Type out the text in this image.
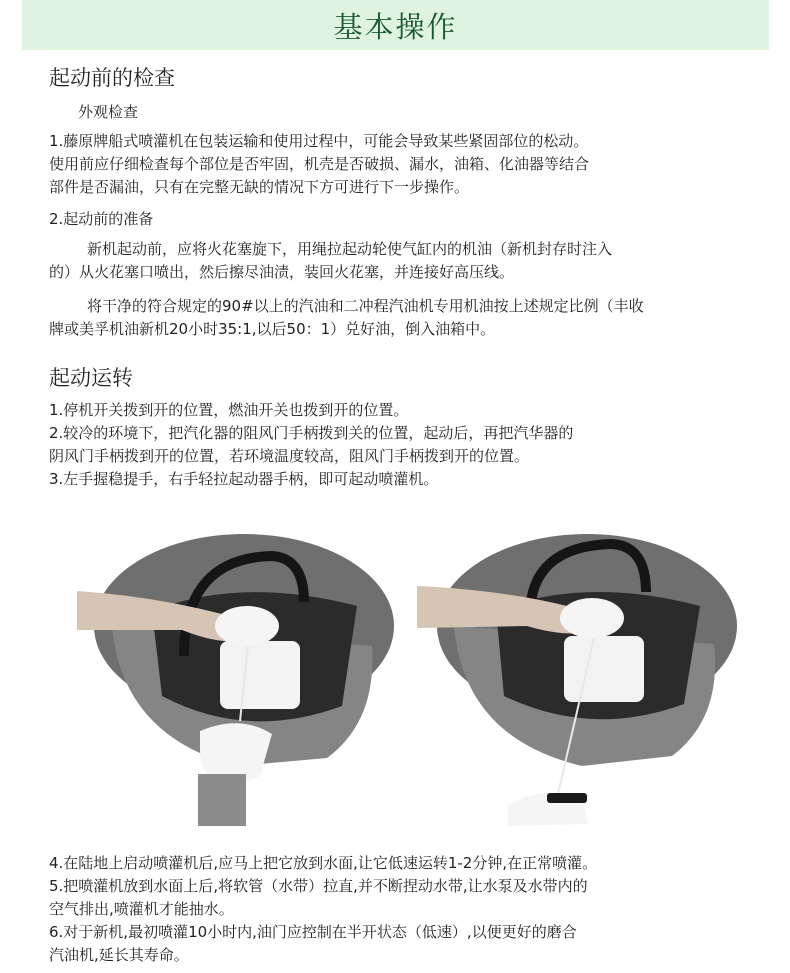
基本操作
起动前的检查
外观检查
1.藤原牌船式喷灌机在包装运输和使用过程中，可能会导致某些紧固部位的松动。
使用前应仔细检查每个部位是否牢固，机壳是否破损、漏水，油箱、化油器等结合
部件是否漏油，只有在完整无缺的情况下方可进行下一步操作。
2.起动前的准备
新机起动前，应将火花塞旋下，用绳拉起动轮使气缸内的机油（新机封存时注入
的）从火花塞口喷出，然后擦尽油渍，装回火花塞，并连接好高压线。
将干净的符合规定的90#以上的汽油和二冲程汽油机专用机油按上述规定比例（丰收
牌或美孚机油新机20小时35:1,以后50：1）兑好油，倒入油箱中。
起动运转
1.停机开关拨到开的位置，燃油开关也拨到开的位置。
2.较冷的环境下，把汽化器的阻风门手柄拨到关的位置，起动后，再把汽华器的
阴风门手柄拨到开的位置，若环境温度较高，阻风门手柄拨到开的位置。
3.左手握稳提手，右手轻拉起动器手柄，即可起动喷灌机。
4.在陆地上启动喷灌机后,应马上把它放到水面,让它低速运转1-2分钟,在正常喷灌。
5.把喷灌机放到水面上后,将软管（水带）拉直,并不断捏动水带,让水泵及水带内的
空气排出,喷灌机才能抽水。
6.对于新机,最初喷灌10小时内,油门应控制在半开状态（低速）,以便更好的磨合
汽油机,延长其寿命。
